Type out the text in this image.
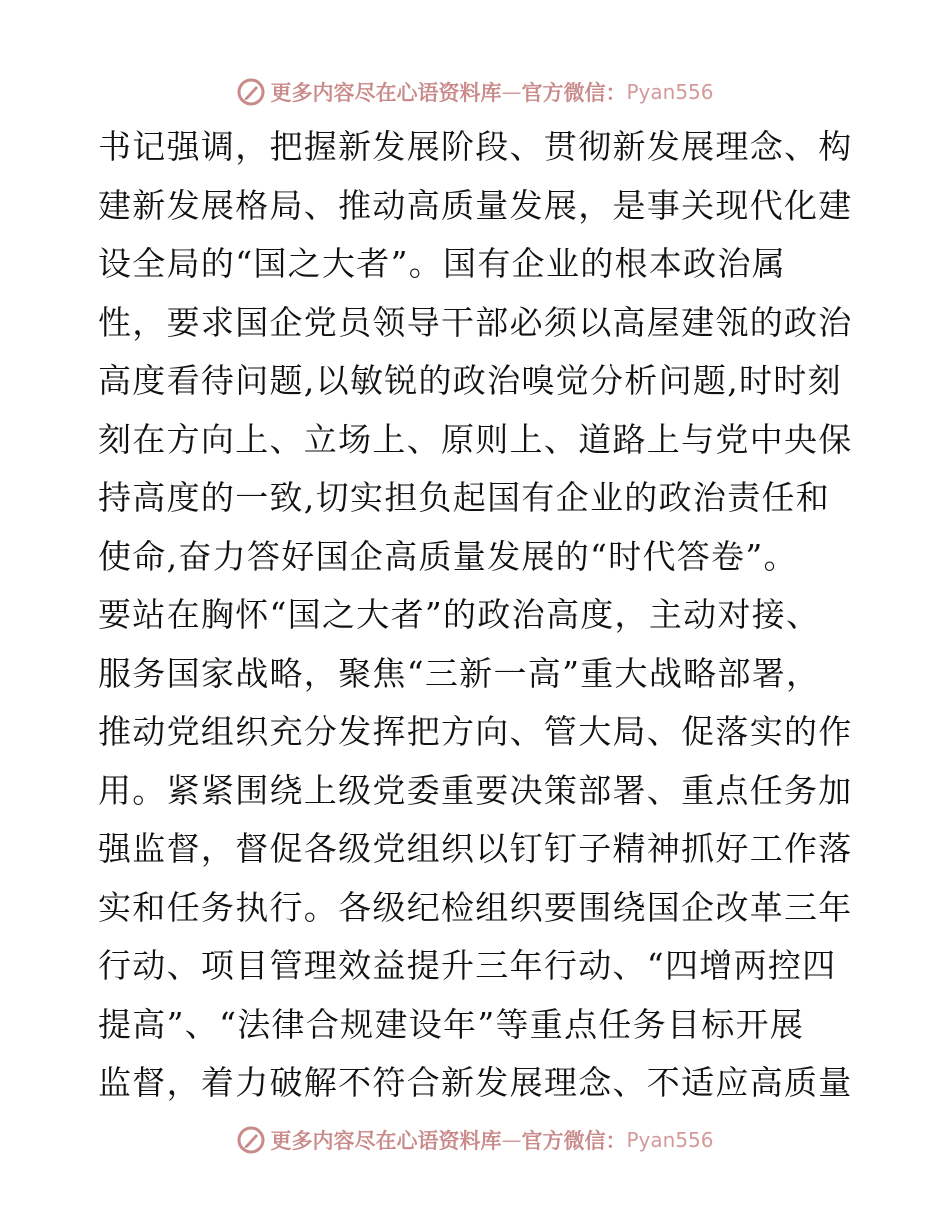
更多内容尽在心语资料库 — 官方微信： Pyan556
书记强调，把握新发展阶段、贯彻新发展理念、构
建新发展格局、推动高质量发展，是事关现代化建
设全局的“国之大者”。国有企业的根本政治属
性，要求国企党员领导干部必须以高屋建瓴的政治
高度看待问题,以敏锐的政治嗅觉分析问题,时时刻
刻在方向上、立场上、原则上、道路上与党中央保
持高度的一致,切实担负起国有企业的政治责任和
使命,奋力答好国企高质量发展的“时代答卷”。
要站在胸怀“国之大者”的政治高度，主动对接、
服务国家战略，聚焦“三新一高”重大战略部署，
推动党组织充分发挥把方向、管大局、促落实的作
用。紧紧围绕上级党委重要决策部署、重点任务加
强监督，督促各级党组织以钉钉子精神抓好工作落
实和任务执行。各级纪检组织要围绕国企改革三年
行动、项目管理效益提升三年行动、“四增两控四
提高”、“法律合规建设年”等重点任务目标开展
监督，着力破解不符合新发展理念、不适应高质量
更多内容尽在心语资料库 — 官方微信： Pyan556
